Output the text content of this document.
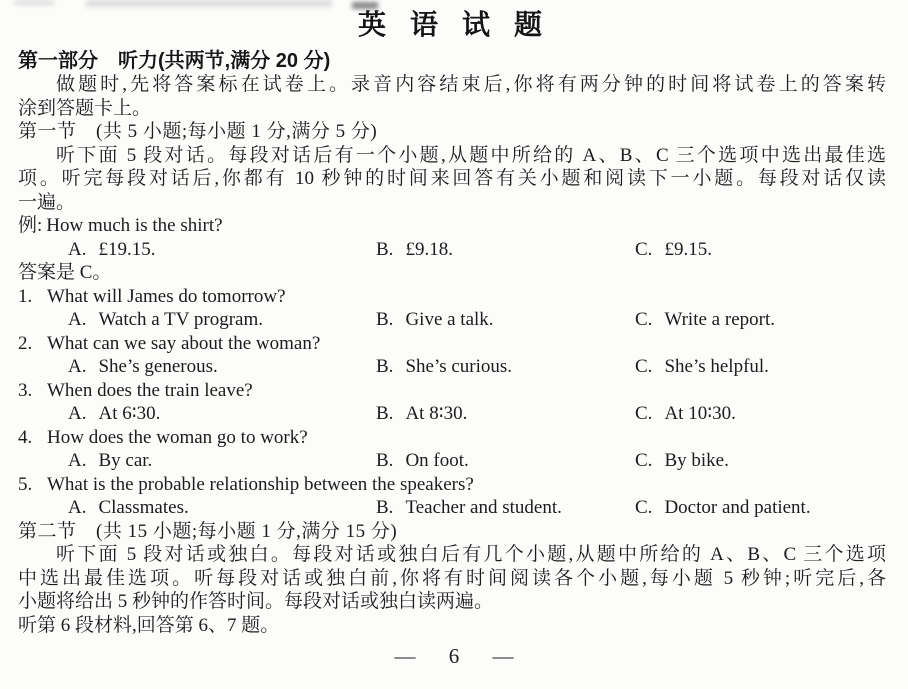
英语试题
第一部分　听力(共两节,满分 20 分)
做题时,先将答案标在试卷上。录音内容结束后,你将有两分钟的时间将试卷上的答案转
涂到答题卡上。
第一节　(共 5 小题;每小题 1 分,满分 5 分)
听下面 5 段对话。每段对话后有一个小题,从题中所给的 A、B、C 三个选项中选出最佳选
项。听完每段对话后,你都有 10 秒钟的时间来回答有关小题和阅读下一小题。每段对话仅读
一遍。
例: How much is the shirt?
A. £19.15.	B. £9.18.	C. £9.15.
答案是 C。
1. What will James do tomorrow?
A. Watch a TV program.	B. Give a talk.	C. Write a report.
2. What can we say about the woman?
A. She’s generous.	B. She’s curious.	C. She’s helpful.
3. When does the train leave?
A. At 6∶30.	B. At 8∶30.	C. At 10∶30.
4. How does the woman go to work?
A. By car.	B. On foot.	C. By bike.
5. What is the probable relationship between the speakers?
A. Classmates.	B. Teacher and student.	C. Doctor and patient.
第二节　(共 15 小题;每小题 1 分,满分 15 分)
听下面 5 段对话或独白。每段对话或独白后有几个小题,从题中所给的 A、B、C 三个选项
中选出最佳选项。听每段对话或独白前,你将有时间阅读各个小题,每小题 5 秒钟;听完后,各
小题将给出 5 秒钟的作答时间。每段对话或独白读两遍。
听第 6 段材料,回答第 6、7 题。
— 6 —
